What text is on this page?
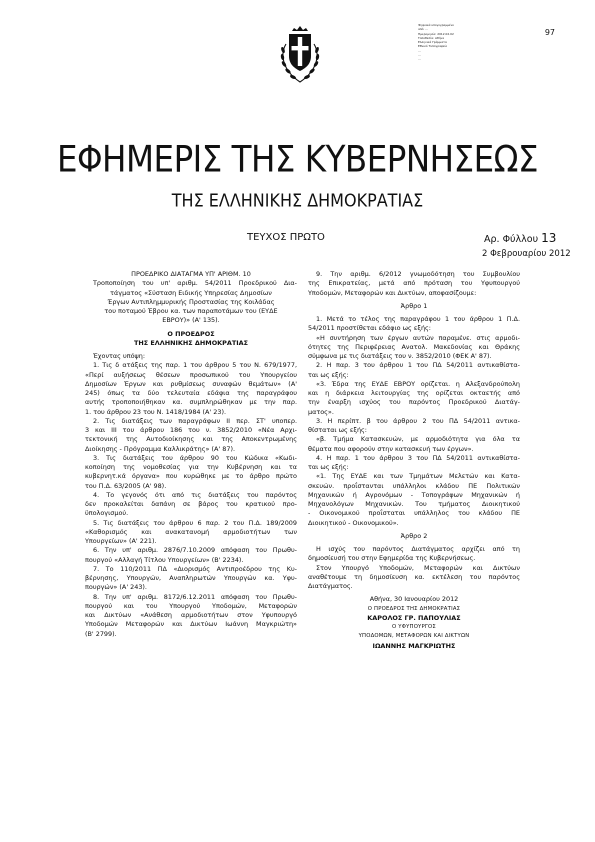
Ψηφιακά υπογεγραμμένο
από: ...
Ημερομηνία: 2012.02.02
Τοποθεσία: Αθήνα
Ελληνικά Γράμματα
Εθνικό Τυπογραφείο
...
...
...
97
ΕΦΗΜΕΡΙΣ ΤΗΣ ΚΥΒΕΡΝΗΣΕΩΣ
ΤΗΣ ΕΛΛΗΝΙΚΗΣ ΔΗΜΟΚΡΑΤΙΑΣ
ΤΕΥΧΟΣ ΠΡΩΤΟ	Αρ. Φύλλου 13
2 Φεβρουαρίου 2012
ΠΡΟΕΔΡΙΚΟ ΔΙΑΤΑΓΜΑ ΥΠ' ΑΡΙΘΜ. 10
Τροποποίηση του υπ' αριθμ. 54/2011 Προεδρικού Δια-
τάγματος «Σύσταση Ειδικής Υπηρεσίας Δημοσίων
Έργων Αντιπλημμυρικής Προστασίας της Κοιλάδας
του ποταμού Έβρου κα. των παραποτάμων του (ΕΥΔΕ
ΕΒΡΟΥ)» (Α' 135).
Ο ΠΡΟΕΔΡΟΣ
ΤΗΣ ΕΛΛΗΝΙΚΗΣ ΔΗΜΟΚΡΑΤΙΑΣ
Έχοντας υπόψη:
1. Τις δ ατάξεις της παρ. 1 του άρθρου 5 του Ν. 679/1977,
«Περί αυξήσεως θέσεων προσωπικού του Υπουργείου
Δημοσίων Έργων και ρυθμίσεως συναφών θεμάτων» (Α'
245) όπως τα δύο τελευταία εδάφια της παραγράφου
αυτής τροποποιήθηκαν κα. συμπληρώθηκαν με την παρ.
1. του άρθρου 23 του Ν. 1418/1984 (Α' 23).
2. Τις διατάξεις των παραγράφων ΙΙ περ. ΣΤ' υποπερ.
3 και ΙΙΙ του άρθρου 186 του ν. 3852/2010 «Νέα Αρχι-
τεκτονική της Αυτοδιοίκησης και της Αποκεντρωμένης
Διοίκησης - Πρόγραμμα Καλλικράτης» (Α' 87).
3. Τις διατάξεις του άρθρου 90 του Κώδικα «Κωδι-
κοποίηση της νομοθεσίας για την Κυβέρνηση και τα
κυβερνητ.κά όργανα» που κυρώθηκε με το άρθρο πρώτο
του Π.Δ. 63/2005 (Α' 98).
4. Το γεγονός ότι από τις διατάξεις του παρόντος
δεν προκαλείται δαπάνη σε βάρος του κρατικού προ-
ϋπολογισμού.
5. Τις διατάξεις του άρθρου 6 παρ. 2 του Π.Δ. 189/2009
«Καθορισμός και ανακατανομή αρμοδιοτήτων των
Υπουργείων» (Α' 221).
6. Την υπ' αριθμ. 2876/7.10.2009 απόφαση του Πρωθυ-
πουργού «Αλλαγή Τίτλου Υπουργείων» (Β' 2234).
7. Το 110/2011 ΠΔ «Διορισμός Αντιπροέδρου της Κυ-
βέρνησης, Υπουργών, Αναπληρωτών Υπουργών κα. Υφυ-
πουργών» (Α' 243).
8. Την υπ' αριθμ. 8172/6.12.2011 απόφαση του Πρωθυ-
πουργού και του Υπουργού Υποδομών, Μεταφορών
και Δικτύων «Ανάθεση αρμοδιοτήτων στον Υφυπουργό
Υποδομών Μεταφορών και Δικτύων Ιωάννη Μαγκριώτη»
(Β' 2799).
9. Την αριθμ. 6/2012 γνωμοδότηση του Συμβουλίου
της Επικρατείας, μετά από πρόταση του Υφυπουργού
Υποδομών, Μεταφορών και Δικτύων, αποφασίζουμε:
Άρθρο 1
1. Μετά το τέλος της παραγράφου 1 του άρθρου 1 Π.Δ.
54/2011 προστίθεται εδάφιο ως εξής:
«Η συντήρηση των έργων αυτών παραμένε. στις αρμοδι-
ότητες της Περιφέρειας Ανατολ. Μακεδονίας και Θράκης
σύμφωνα με τις διατάξεις του ν. 3852/2010 (ΦΕΚ Α' 87).
2. Η παρ. 3 του άρθρου 1 του ΠΔ 54/2011 αντικαθίστα-
ται ως εξής:
«3. Έδρα της ΕΥΔΕ ΕΒΡΟΥ ορίζεται. η Αλεξανδρούπολη
και η διάρκεια λειτουργίας της ορίζεται οκταετής από
την έναρξη ισχύος του παρόντος Προεδρικού Διατάγ-
ματος».
3. Η περίπτ. β του άρθρου 2 του ΠΔ 54/2011 αντικα-
θίσταται ως εξής:
«β. Τμήμα Κατασκευών, με αρμοδιότητα για όλα τα
θέματα που αφορούν στην κατασκευή των έργων».
4. Η παρ. 1 του άρθρου 3 του ΠΔ 54/2011 αντικαθίστα-
ται ως εξής:
«1. Της ΕΥΔΕ και των Τμημάτων Μελετών και Κατα-
σκευών. προΐστανται υπάλληλοι κλάδου ΠΕ Πολιτικών
Μηχανικών ή Αγρονόμων - Τοπογράφων Μηχανικών ή
Μηχανολόγων Μηχανικών. Του τμήματος Διοικητικού
- Οικονομικού προΐσταται υπάλληλος του κλάδου ΠΕ
Διοικητικού - Οικονομικού».
Άρθρο 2
Η ισχύς του παρόντος Διατάγματος αρχίζει από τη
δημοσίευσή του στην Εφημερίδα της Κυβερνήσεως.
Στον Υπουργό Υποδομών, Μεταφορών και Δικτύων
αναθέτουμε τη δημοσίευση κα. εκτέλεση του παρόντος
Διατάγματος.
Αθήνα, 30 Ιανουαρίου 2012
Ο ΠΡΟΕΔΡΟΣ ΤΗΣ ΔΗΜΟΚΡΑΤΙΑΣ
ΚΑΡΟΛΟΣ ΓΡ. ΠΑΠΟΥΛΙΑΣ
Ο ΥΦΥΠΟΥΡΓΟΣ
ΥΠΟΔΟΜΩΝ, ΜΕΤΑΦΟΡΩΝ ΚΑΙ ΔΙΚΤΥΩΝ
ΙΩΑΝΝΗΣ ΜΑΓΚΡΙΩΤΗΣ
